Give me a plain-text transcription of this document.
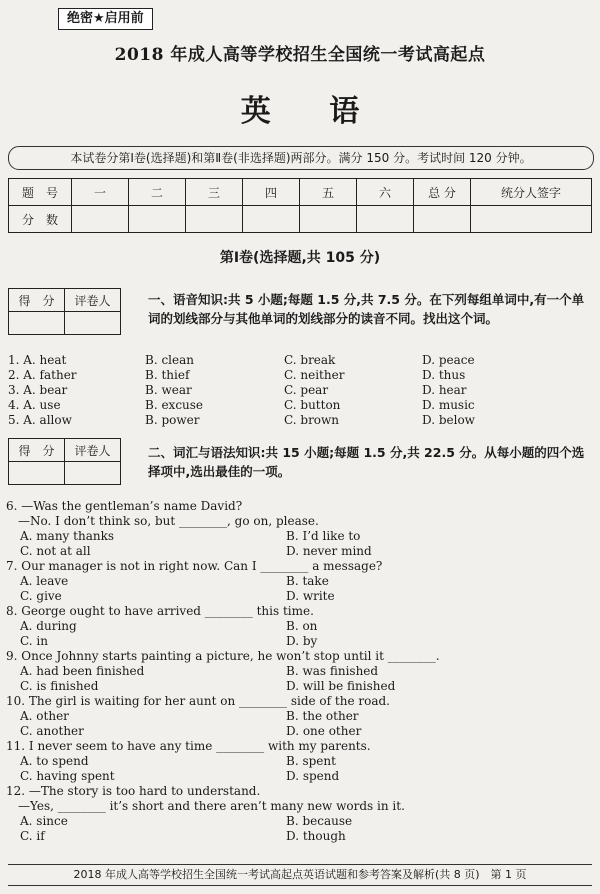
绝密★启用前
2018 年成人高等学校招生全国统一考试高起点
英 语
本试卷分第Ⅰ卷(选择题)和第Ⅱ卷(非选择题)两部分。满分 150 分。考试时间 120 分钟。
题　号	一	二	三	四	五	六	总 分	统分人签字
分　数								
第Ⅰ卷(选择题,共 105 分)
得　分	评卷人
		一、语音知识:共 5 小题;每题 1.5 分,共 7.5 分。在下列每组单词中,有一个单词的划线部分与其他单词的划线部分的读音不同。找出这个词。
1. A. heat	B. clean	C. break	D. peace
2. A. father	B. thief	C. neither	D. thus
3. A. bear	B. wear	C. pear	D. hear
4. A. use	B. excuse	C. button	D. music
5. A. allow	B. power	C. brown	D. below
得　分	评卷人
		二、词汇与语法知识:共 15 小题;每题 1.5 分,共 22.5 分。从每小题的四个选择项中,选出最佳的一项。
6. —Was the gentleman’s name David?
　—No. I don’t think so, but ________, go on, please.
A. many thanks	B. I’d like to
C. not at all	D. never mind
7. Our manager is not in right now. Can I ________ a message?
A. leave	B. take
C. give	D. write
8. George ought to have arrived ________ this time.
A. during	B. on
C. in	D. by
9. Once Johnny starts painting a picture, he won’t stop until it ________.
A. had been finished	B. was finished
C. is finished	D. will be finished
10. The girl is waiting for her aunt on ________ side of the road.
A. other	B. the other
C. another	D. one other
11. I never seem to have any time ________ with my parents.
A. to spend	B. spent
C. having spent	D. spend
12. —The story is too hard to understand.
　—Yes, ________ it’s short and there aren’t many new words in it.
A. since	B. because
C. if	D. though
2018 年成人高等学校招生全国统一考试高起点英语试题和参考答案及解析(共 8 页)　第 1 页
